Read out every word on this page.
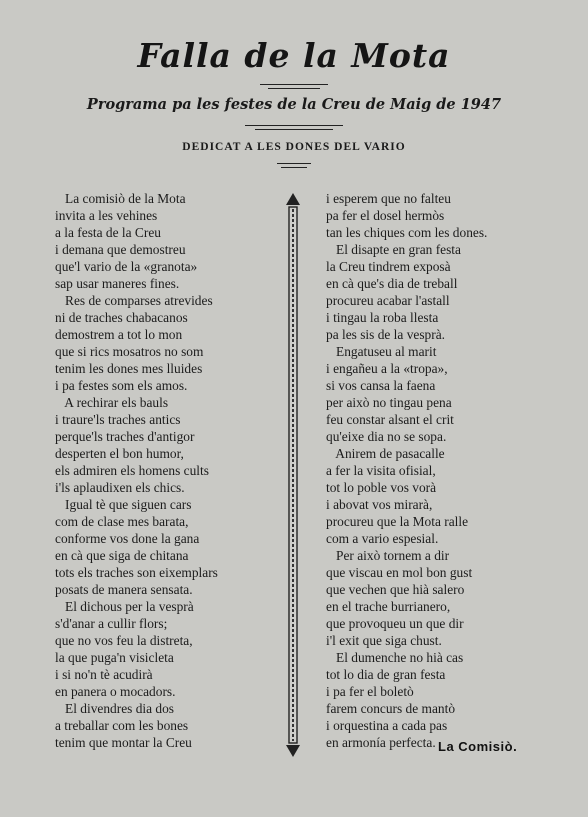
Falla de la Mota
Programa pa les festes de la Creu de Maig de 1947
DEDICAT A LES DONES DEL VARIO
La comisiò de la Mota
invita a les vehines
a la festa de la Creu
i demana que demostreu
que'l vario de la «granota»
sap usar maneres fines.
Res de comparses atrevides
ni de traches chabacanos
demostrem a tot lo mon
que si rics mosatros no som
tenim les dones mes lluides
i pa festes som els amos.
A rechirar els bauls
i traure'ls traches antics
perque'ls traches d'antigor
desperten el bon humor,
els admiren els homens cults
i'ls aplaudixen els chics.
Igual tè que siguen cars
com de clase mes barata,
conforme vos done la gana
en cà que siga de chitana
tots els traches son eixemplars
posats de manera sensata.
El dichous per la vesprà
s'd'anar a cullir flors;
que no vos feu la distreta,
la que puga'n visicleta
i si no'n tè acudirà
en panera o mocadors.
El divendres dia dos
a treballar com les bones
tenim que montar la Creu
i esperem que no falteu
pa fer el dosel hermòs
tan les chiques com les dones.
El disapte en gran festa
la Creu tindrem exposà
en cà que's dia de treball
procureu acabar l'astall
i tingau la roba llesta
pa les sis de la vesprà.
Engatuseu al marit
i engañeu a la «tropa»,
si vos cansa la faena
per això no tingau pena
feu constar alsant el crit
qu'eixe dia no se sopa.
Anirem de pasacalle
a fer la visita ofisial,
tot lo poble vos vorà
i abovat vos mirarà,
procureu que la Mota ralle
com a vario espesial.
Per això tornem a dir
que viscau en mol bon gust
que vechen que hià salero
en el trache burrianero,
que provoqueu un que dir
i'l exit que siga chust.
El dumenche no hià cas
tot lo dia de gran festa
i pa fer el boletò
farem concurs de mantò
i orquestina a cada pas
en armonía perfecta. La Comisiò.
